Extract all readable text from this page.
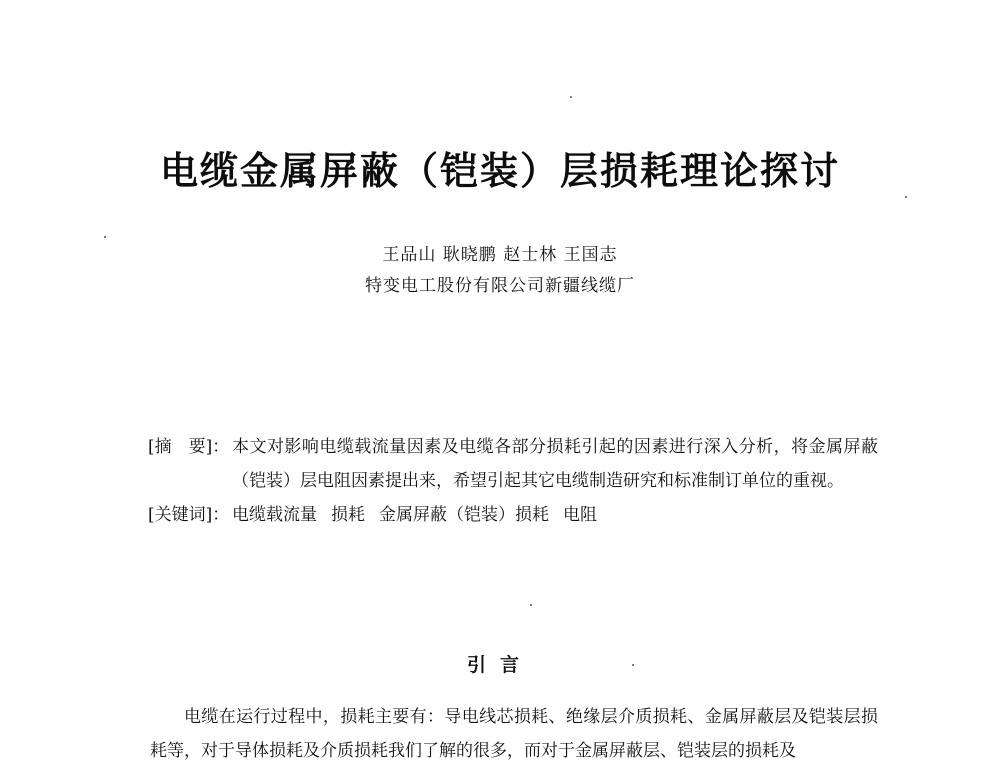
电缆金属屏蔽（铠装）层损耗理论探讨
王品山 耿晓鹏 赵士林 王国志
特变电工股份有限公司新疆线缆厂
[摘　要]： 本文对影响电缆载流量因素及电缆各部分损耗引起的因素进行深入分析，将金属屏蔽（铠装）层电阻因素提出来，希望引起其它电缆制造研究和标准制订单位的重视。
[关键词]： 电缆载流量 损耗 金属屏蔽（铠装）损耗 电阻
引言
电缆在运行过程中，损耗主要有：导电线芯损耗、绝缘层介质损耗、金属屏蔽层及铠装层损耗等，对于导体损耗及介质损耗我们了解的很多，而对于金属屏蔽层、铠装层的损耗及
